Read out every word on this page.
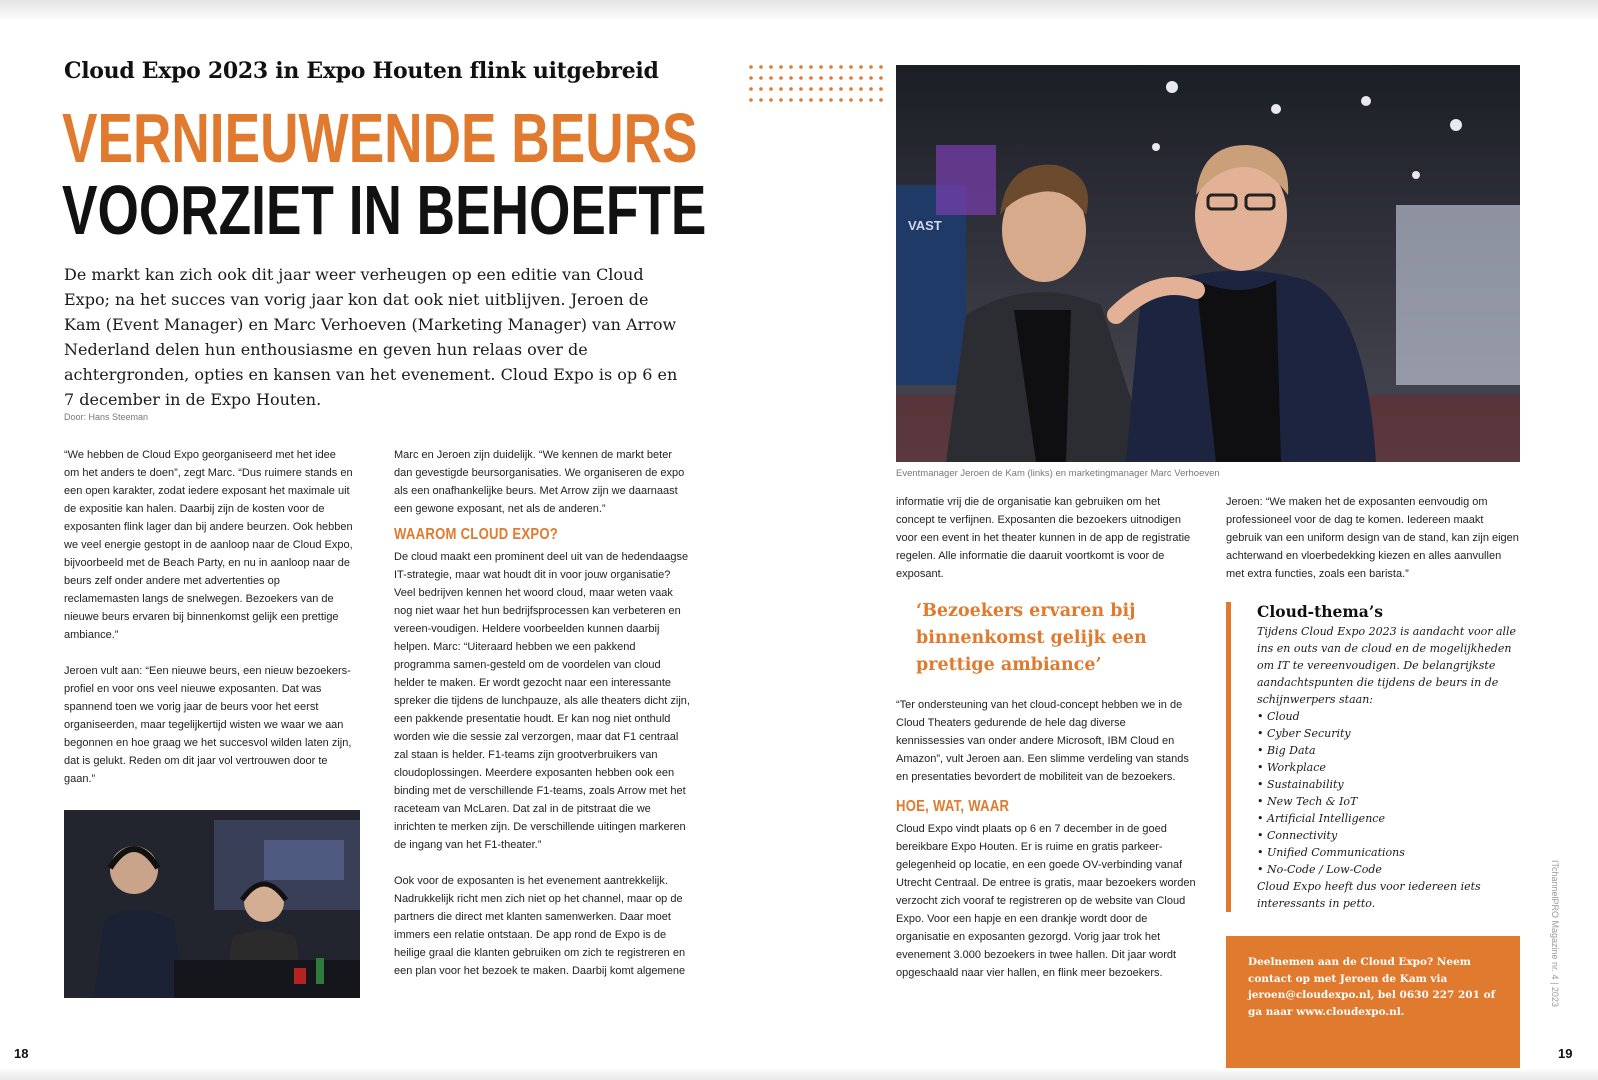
Cloud Expo 2023 in Expo Houten flink uitgebreid
VERNIEUWENDE BEURS
VOORZIET IN BEHOEFTE
De markt kan zich ook dit jaar weer verheugen op een editie van Cloud Expo; na het succes van vorig jaar kon dat ook niet uitblijven. Jeroen de Kam (Event Manager) en Marc Verhoeven (Marketing Manager) van Arrow Nederland delen hun enthousiasme en geven hun relaas over de achtergronden, opties en kansen van het evenement. Cloud Expo is op 6 en 7 december in de Expo Houten.
Door: Hans Steeman

“We hebben de Cloud Expo georganiseerd met het idee om het anders te doen”, zegt Marc. “Dus ruimere stands en een open karakter, zodat iedere exposant het maximale uit de expositie kan halen. Daarbij zijn de kosten voor de exposanten flink lager dan bij andere beurzen. Ook hebben we veel energie gestopt in de aanloop naar de Cloud Expo, bijvoorbeeld met de Beach Party, en nu in aanloop naar de beurs zelf onder andere met advertenties op reclamemasten langs de snelwegen. Bezoekers van de nieuwe beurs ervaren bij binnenkomst gelijk een prettige ambiance.”

Jeroen vult aan: “Een nieuwe beurs, een nieuw bezoekers-profiel en voor ons veel nieuwe exposanten. Dat was spannend toen we vorig jaar de beurs voor het eerst organiseerden, maar tegelijkertijd wisten we waar we aan begonnen en hoe graag we het succesvol wilden laten zijn, dat is gelukt. Reden om dit jaar vol vertrouwen door te gaan.”

Marc en Jeroen zijn duidelijk. “We kennen de markt beter dan gevestigde beursorganisaties. We organiseren de expo als een onafhankelijke beurs. Met Arrow zijn we daarnaast een gewone exposant, net als de anderen.”

WAAROM CLOUD EXPO?

De cloud maakt een prominent deel uit van de hedendaagse IT-strategie, maar wat houdt dit in voor jouw organisatie? Veel bedrijven kennen het woord cloud, maar weten vaak nog niet waar het hun bedrijfsprocessen kan verbeteren en vereen-voudigen. Heldere voorbeelden kunnen daarbij helpen. Marc: “Uiteraard hebben we een pakkend programma samen-gesteld om de voordelen van cloud helder te maken. Er wordt gezocht naar een interessante spreker die tijdens de lunchpauze, als alle theaters dicht zijn, een pakkende presentatie houdt. Er kan nog niet onthuld worden wie die sessie zal verzorgen, maar dat F1 centraal zal staan is helder. F1-teams zijn grootverbruikers van cloudoplossingen. Meerdere exposanten hebben ook een binding met de verschillende F1-teams, zoals Arrow met het raceteam van McLaren. Dat zal in de pitstraat die we inrichten te merken zijn. De verschillende uitingen markeren de ingang van het F1-theater.”

Ook voor de exposanten is het evenement aantrekkelijk. Nadrukkelijk richt men zich niet op het channel, maar op de partners die direct met klanten samenwerken. Daar moet immers een relatie ontstaan. De app rond de Expo is de heilige graal die klanten gebruiken om zich te registreren en een plan voor het bezoek te maken. Daarbij komt algemene

18
VAST
Eventmanager Jeroen de Kam (links) en marketingmanager Marc Verhoeven

informatie vrij die de organisatie kan gebruiken om het concept te verfijnen. Exposanten die bezoekers uitnodigen voor een event in het theater kunnen in de app de registratie regelen. Alle informatie die daaruit voortkomt is voor de exposant.

‘Bezoekers ervaren bij binnenkomst gelijk een prettige ambiance’

“Ter ondersteuning van het cloud-concept hebben we in de Cloud Theaters gedurende de hele dag diverse kennissessies van onder andere Microsoft, IBM Cloud en Amazon”, vult Jeroen aan. Een slimme verdeling van stands en presentaties bevordert de mobiliteit van de bezoekers.

HOE, WAT, WAAR

Cloud Expo vindt plaats op 6 en 7 december in de goed bereikbare Expo Houten. Er is ruime en gratis parkeer-gelegenheid op locatie, en een goede OV-verbinding vanaf Utrecht Centraal. De entree is gratis, maar bezoekers worden verzocht zich vooraf te registreren op de website van Cloud Expo. Voor een hapje en een drankje wordt door de organisatie en exposanten gezorgd. Vorig jaar trok het evenement 3.000 bezoekers in twee hallen. Dit jaar wordt opgeschaald naar vier hallen, en flink meer bezoekers.

Jeroen: “We maken het de exposanten eenvoudig om professioneel voor de dag te komen. Iedereen maakt gebruik van een uniform design van de stand, kan zijn eigen achterwand en vloerbedekking kiezen en alles aanvullen met extra functies, zoals een barista.”

Cloud-thema’s
Tijdens Cloud Expo 2023 is aandacht voor alle ins en outs van de cloud en de mogelijkheden om IT te vereenvoudigen. De belangrijkste aandachtspunten die tijdens de beurs in de schijnwerpers staan:
• Cloud
• Cyber Security
• Big Data
• Workplace
• Sustainability
• New Tech & IoT
• Artificial Intelligence
• Connectivity
• Unified Communications
• No-Code / Low-Code
Cloud Expo heeft dus voor iedereen iets interessants in petto.
Deelnemen aan de Cloud Expo? Neem contact op met Jeroen de Kam via jeroen@cloudexpo.nl, bel 0630 227 201 of ga naar www.cloudexpo.nl.
ITchannelPRO Magazine nr. 4 | 2023
19
